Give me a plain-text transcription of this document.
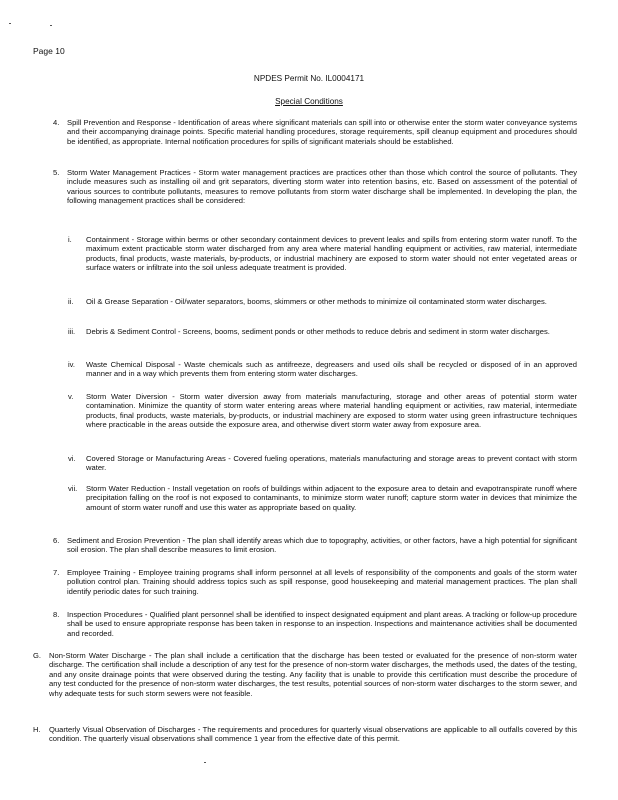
Page 10
NPDES Permit No. IL0004171
Special Conditions
4. Spill Prevention and Response - Identification of areas where significant materials can spill into or otherwise enter the storm water conveyance systems and their accompanying drainage points. Specific material handling procedures, storage requirements, spill cleanup equipment and procedures should be identified, as appropriate. Internal notification procedures for spills of significant materials should be established.
5. Storm Water Management Practices - Storm water management practices are practices other than those which control the source of pollutants. They include measures such as installing oil and grit separators, diverting storm water into retention basins, etc. Based on assessment of the potential of various sources to contribute pollutants, measures to remove pollutants from storm water discharge shall be implemented. In developing the plan, the following management practices shall be considered:
i. Containment - Storage within berms or other secondary containment devices to prevent leaks and spills from entering storm water runoff. To the maximum extent practicable storm water discharged from any area where material handling equipment or activities, raw material, intermediate products, final products, waste materials, by-products, or industrial machinery are exposed to storm water should not enter vegetated areas or surface waters or infiltrate into the soil unless adequate treatment is provided.
ii. Oil & Grease Separation - Oil/water separators, booms, skimmers or other methods to minimize oil contaminated storm water discharges.
iii. Debris & Sediment Control - Screens, booms, sediment ponds or other methods to reduce debris and sediment in storm water discharges.
iv. Waste Chemical Disposal - Waste chemicals such as antifreeze, degreasers and used oils shall be recycled or disposed of in an approved manner and in a way which prevents them from entering storm water discharges.
v. Storm Water Diversion - Storm water diversion away from materials manufacturing, storage and other areas of potential storm water contamination. Minimize the quantity of storm water entering areas where material handling equipment or activities, raw material, intermediate products, final products, waste materials, by-products, or industrial machinery are exposed to storm water using green infrastructure techniques where practicable in the areas outside the exposure area, and otherwise divert storm water away from exposure area.
vi. Covered Storage or Manufacturing Areas - Covered fueling operations, materials manufacturing and storage areas to prevent contact with storm water.
vii. Storm Water Reduction - Install vegetation on roofs of buildings within adjacent to the exposure area to detain and evapotranspirate runoff where precipitation falling on the roof is not exposed to contaminants, to minimize storm water runoff; capture storm water in devices that minimize the amount of storm water runoff and use this water as appropriate based on quality.
6. Sediment and Erosion Prevention - The plan shall identify areas which due to topography, activities, or other factors, have a high potential for significant soil erosion. The plan shall describe measures to limit erosion.
7. Employee Training - Employee training programs shall inform personnel at all levels of responsibility of the components and goals of the storm water pollution control plan. Training should address topics such as spill response, good housekeeping and material management practices. The plan shall identify periodic dates for such training.
8. Inspection Procedures - Qualified plant personnel shall be identified to inspect designated equipment and plant areas. A tracking or follow-up procedure shall be used to ensure appropriate response has been taken in response to an inspection. Inspections and maintenance activities shall be documented and recorded.
G. Non-Storm Water Discharge - The plan shall include a certification that the discharge has been tested or evaluated for the presence of non-storm water discharge. The certification shall include a description of any test for the presence of non-storm water discharges, the methods used, the dates of the testing, and any onsite drainage points that were observed during the testing. Any facility that is unable to provide this certification must describe the procedure of any test conducted for the presence of non-storm water discharges, the test results, potential sources of non-storm water discharges to the storm sewer, and why adequate tests for such storm sewers were not feasible.
H. Quarterly Visual Observation of Discharges - The requirements and procedures for quarterly visual observations are applicable to all outfalls covered by this condition. The quarterly visual observations shall commence 1 year from the effective date of this permit.
